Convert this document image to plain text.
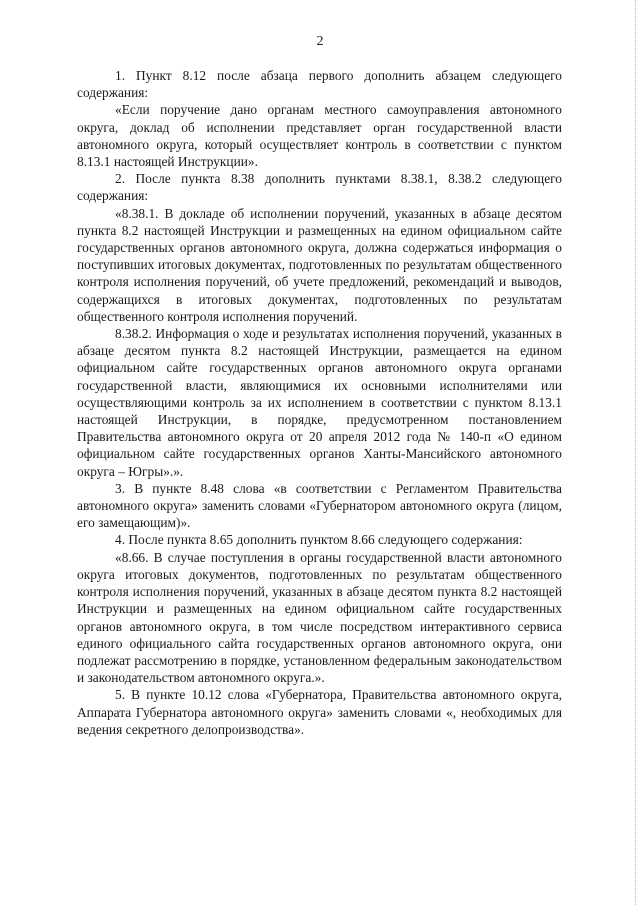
2

1. Пункт 8.12 после абзаца первого дополнить абзацем следующего содержания:

«Если поручение дано органам местного самоуправления автономного округа, доклад об исполнении представляет орган государственной власти автономного округа, который осуществляет контроль в соответствии с пунктом 8.13.1 настоящей Инструкции».

2. После пункта 8.38 дополнить пунктами 8.38.1, 8.38.2 следующего содержания:

«8.38.1. В докладе об исполнении поручений, указанных в абзаце десятом пункта 8.2 настоящей Инструкции и размещенных на едином официальном сайте государственных органов автономного округа, должна содержаться информация о поступивших итоговых документах, подготовленных по результатам общественного контроля исполнения поручений, об учете предложений, рекомендаций и выводов, содержащихся в итоговых документах, подготовленных по результатам общественного контроля исполнения поручений.

8.38.2. Информация о ходе и результатах исполнения поручений, указанных в абзаце десятом пункта 8.2 настоящей Инструкции, размещается на едином официальном сайте государственных органов автономного округа органами государственной власти, являющимися их основными исполнителями или осуществляющими контроль за их исполнением в соответствии с пунктом 8.13.1 настоящей Инструкции, в порядке, предусмотренном постановлением Правительства автономного округа от 20 апреля 2012 года № 140-п «О едином официальном сайте государственных органов Ханты-Мансийского автономного округа – Югры».».

3. В пункте 8.48 слова «в соответствии с Регламентом Правительства автономного округа» заменить словами «Губернатором автономного округа (лицом, его замещающим)».

4. После пункта 8.65 дополнить пунктом 8.66 следующего содержания:

«8.66. В случае поступления в органы государственной власти автономного округа итоговых документов, подготовленных по результатам общественного контроля исполнения поручений, указанных в абзаце десятом пункта 8.2 настоящей Инструкции и размещенных на едином официальном сайте государственных органов автономного округа, в том числе посредством интерактивного сервиса единого официального сайта государственных органов автономного округа, они подлежат рассмотрению в порядке, установленном федеральным законодательством и законодательством автономного округа.».

5. В пункте 10.12 слова «Губернатора, Правительства автономного округа, Аппарата Губернатора автономного округа» заменить словами «, необходимых для ведения секретного делопроизводства».
